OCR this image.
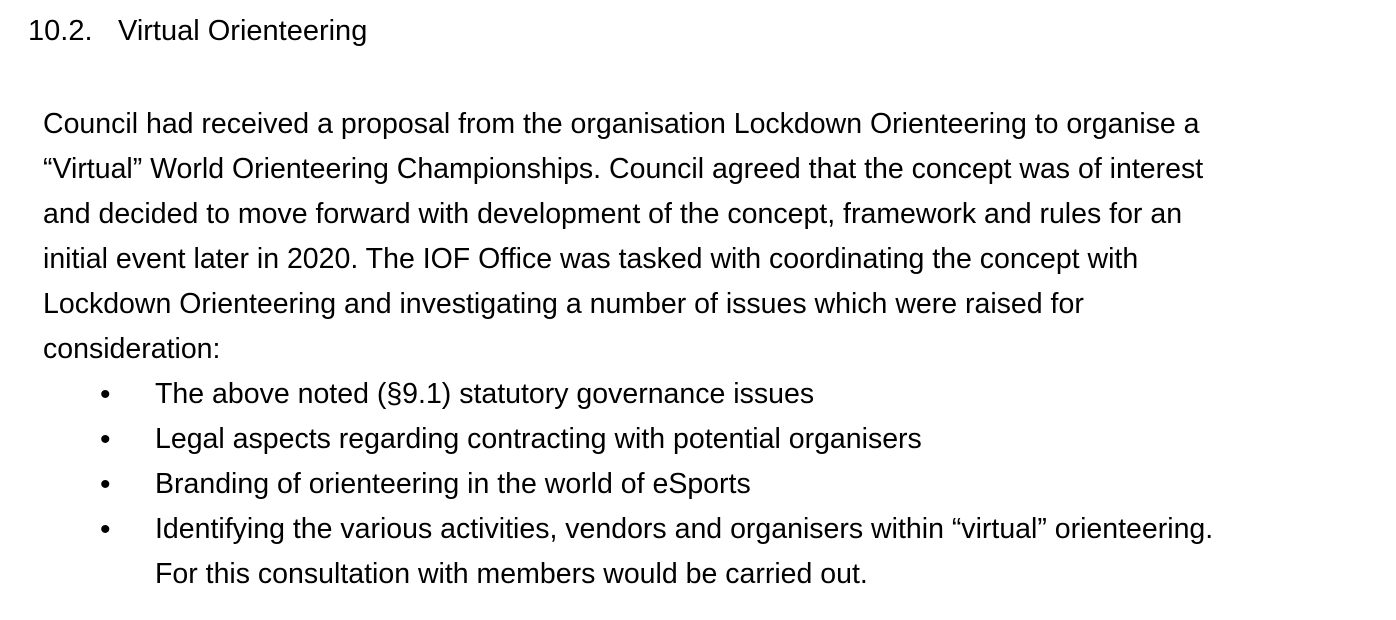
10.2. Virtual Orienteering
Council had received a proposal from the organisation Lockdown Orienteering to organise a
“Virtual” World Orienteering Championships. Council agreed that the concept was of interest
and decided to move forward with development of the concept, framework and rules for an
initial event later in 2020. The IOF Office was tasked with coordinating the concept with
Lockdown Orienteering and investigating a number of issues which were raised for
consideration:
•	The above noted (§9.1) statutory governance issues
•	Legal aspects regarding contracting with potential organisers
•	Branding of orienteering in the world of eSports
•	Identifying the various activities, vendors and organisers within “virtual” orienteering.
For this consultation with members would be carried out.
